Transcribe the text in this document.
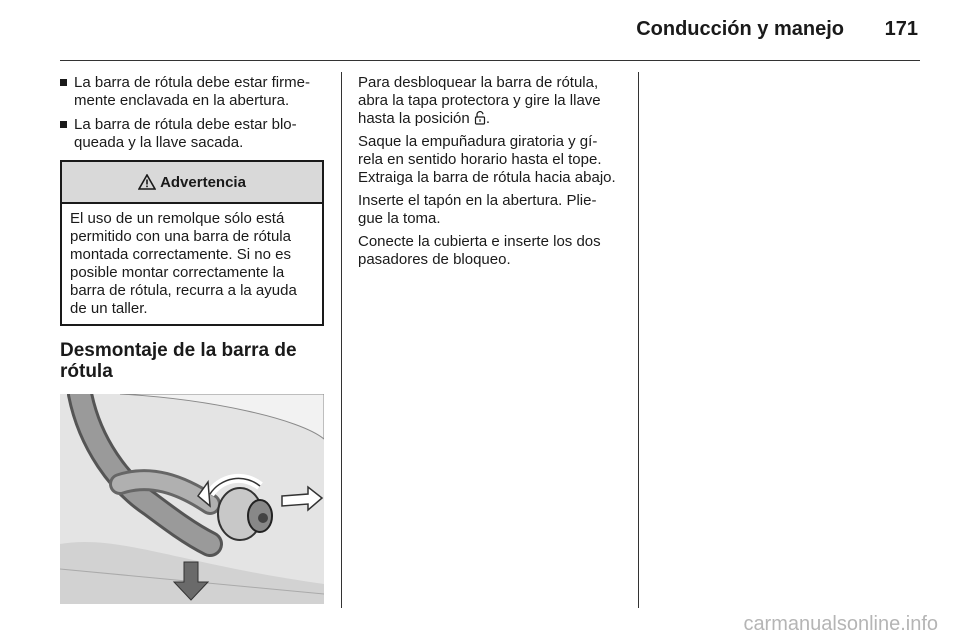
Conducción y manejo 171
La barra de rótula debe estar firme- mente enclavada en la abertura.
La barra de rótula debe estar blo- queada y la llave sacada.
Advertencia
El uso de un remolque sólo está permitido con una barra de rótula montada correctamente. Si no es posible montar correctamente la barra de rótula, recurra a la ayuda de un taller.
Desmontaje de la barra de rótula
Para desbloquear la barra de rótula, abra la tapa protectora y gire la llave hasta la posición .
Saque la empuñadura giratoria y gí- rela en sentido horario hasta el tope. Extraiga la barra de rótula hacia abajo.
Inserte el tapón en la abertura. Plie- gue la toma.
Conecte la cubierta e inserte los dos pasadores de bloqueo.
carmanualsonline.info
